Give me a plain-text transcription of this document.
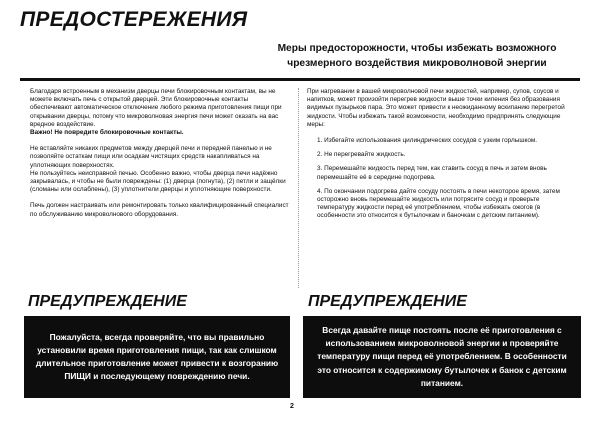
ПРЕДОСТЕРЕЖЕНИЯ
Меры предосторожности, чтобы избежать возможного чрезмерного воздействия микроволновой энергии

Благодаря встроенным в механизм дверцы печи блокировочным контактам, вы не можете включать печь с открытой дверцей. Эти блокировочные контакты обеспечивают автоматическое отключение любого режима приготовления пищи при открывании дверцы, потому что микроволновая энергия печи может оказать на вас вредное воздействие.
Важно! Не повредите блокировочные контакты.

Не вставляйте никаких предметов между дверцей печи и передней панелью и не позволяйте остаткам пищи или осадкам чистящих средств накапливаться на уплотняющих поверхностях.
Не пользуйтесь неисправной печью. Особенно важно, чтобы дверца печи надёжно закрывалась, и чтобы не были повреждены: (1) дверца (погнута), (2) петли и защёлки (сломаны или ослаблены), (3) уплотнители дверцы и уплотняющие поверхности.

Печь должен настраивать или ремонтировать только квалифицированный специалист по обслуживанию микроволнового оборудования.

При нагревании в вашей микроволновой печи жидкостей, например, супов, соусов и напитков, может произойти перегрев жидкости выше точки кипения без образования видимых пузырьков пара. Это может привести к неожиданному вскипанию перегретой жидкости. Чтобы избежать такой возможности, необходимо предпринять следующие меры:

1. Избегайте использования цилиндрических сосудов с узким горлышком.
2. Не перегревайте жидкость.
3. Перемешайте жидкость перед тем, как ставить сосуд в печь и затем вновь перемешайте её в середине подогрева.
4. По окончании подогрева дайте сосуду постоять в печи некоторое время, затем осторожно вновь перемешайте жидкость или потрясите сосуд и проверьте температуру жидкости перед её употреблением, чтобы избежать ожогов (в особенности это относится к бутылочкам и баночкам с детским питанием).
ПРЕДУПРЕЖДЕНИЕ	ПРЕДУПРЕЖДЕНИЕ
Пожалуйста, всегда проверяйте, что вы правильно установили время приготовления пищи, так как слишком длительное приготовление может привести к возгоранию ПИЩИ и последующему повреждению печи.
Всегда давайте пище постоять после её приготовления с использованием микроволновой энергии и проверяйте температуру пищи перед её употреблением. В особенности это относится к содержимому бутылочек и банок с детским питанием.
2
